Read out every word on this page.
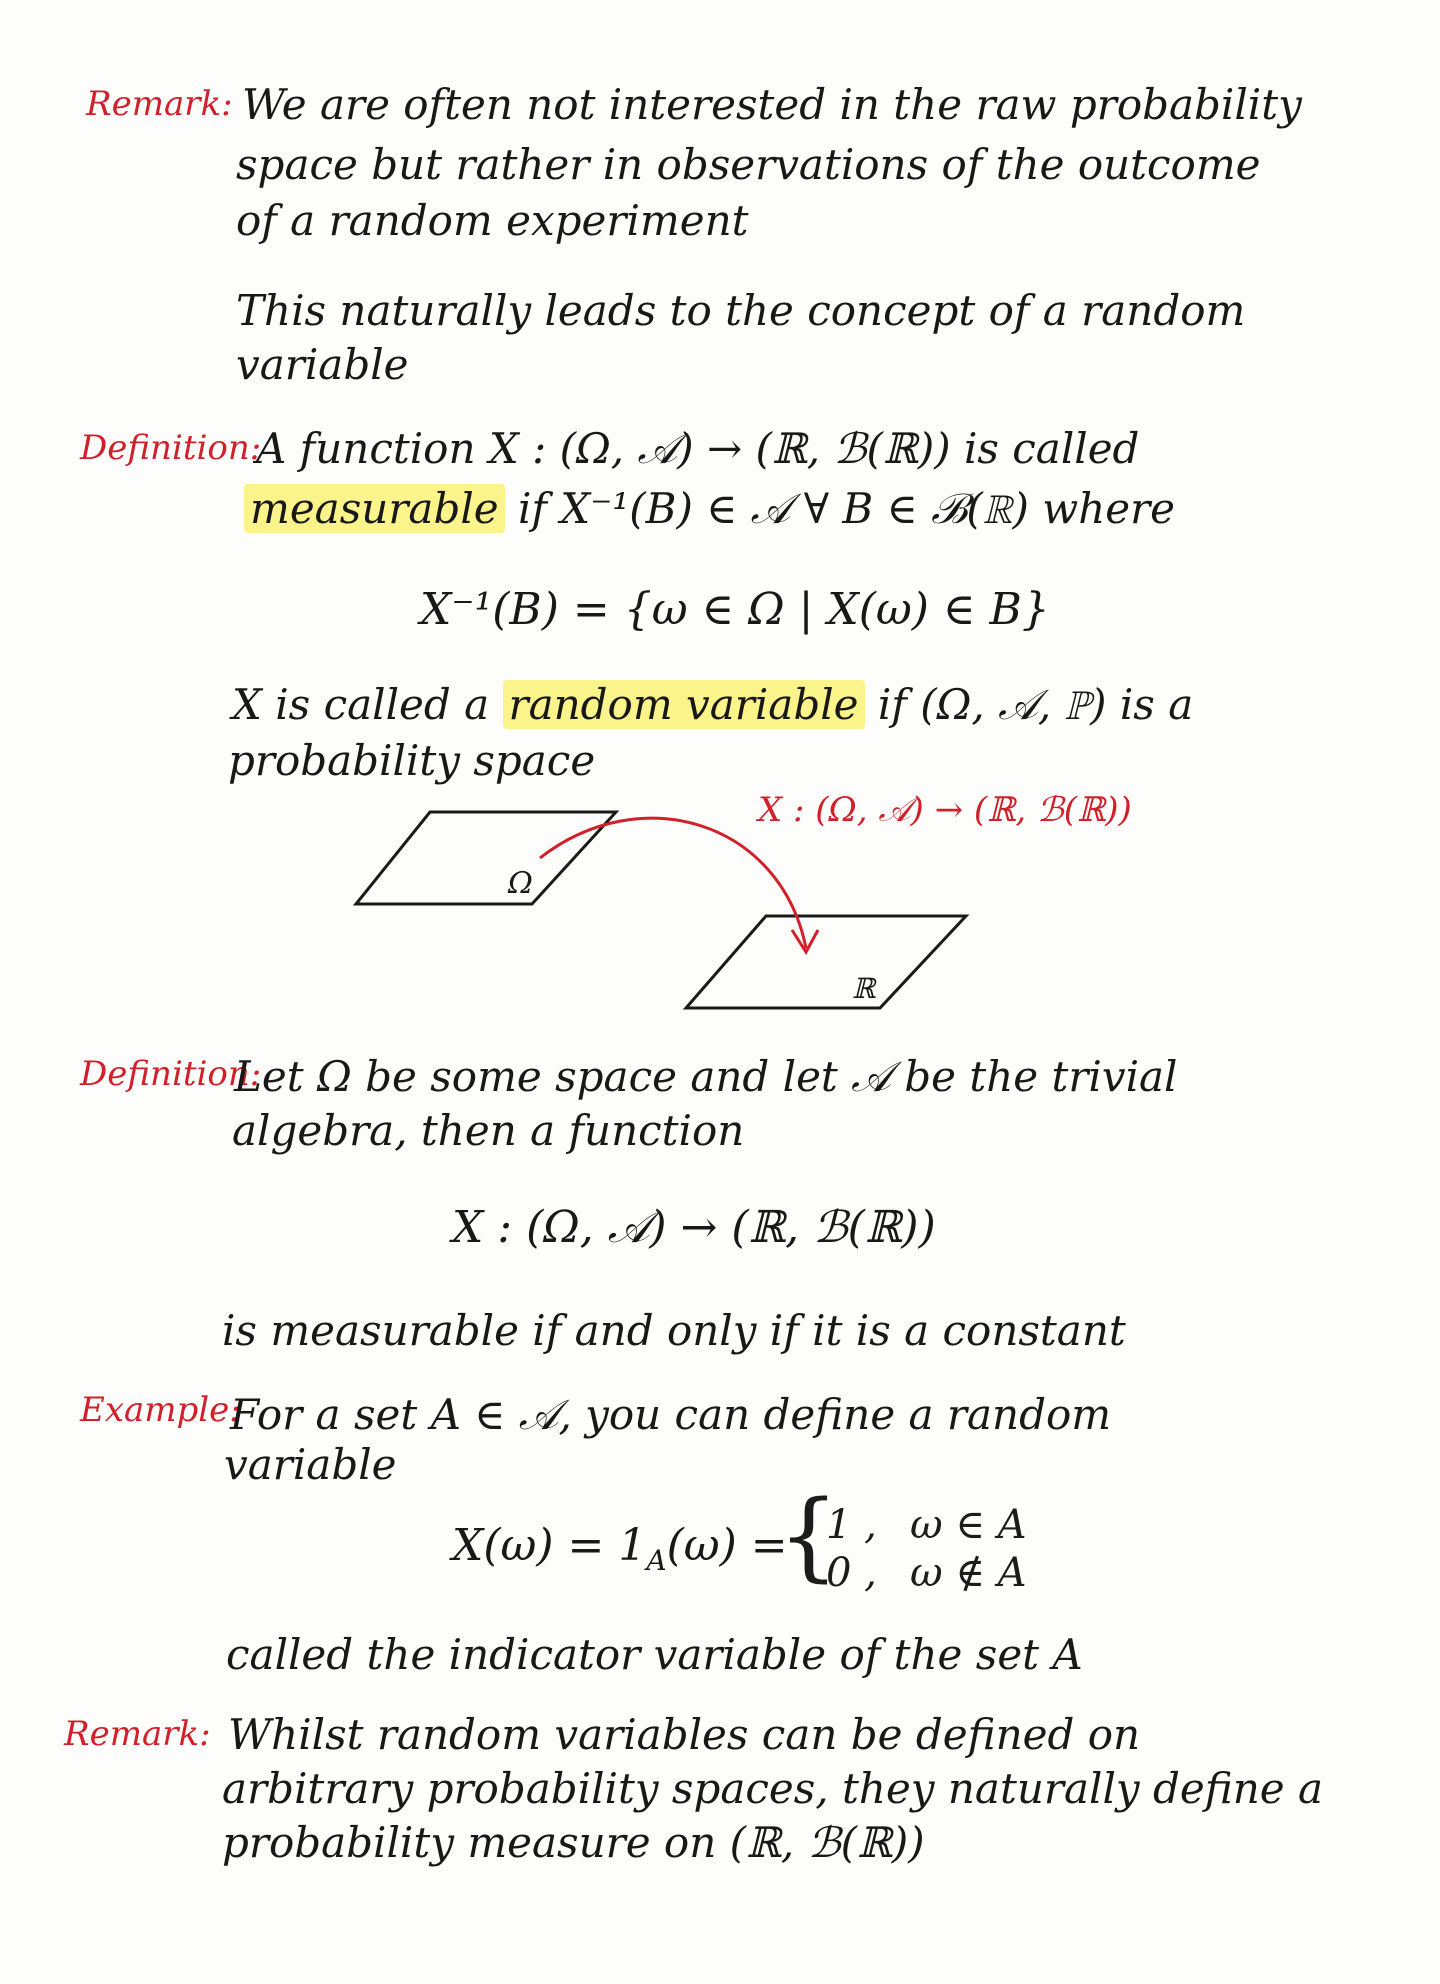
Remark: We are often not interested in the raw probability
space but rather in observations of the outcome
of a random experiment
This naturally leads to the concept of a random
variable
Definition:
A function X : (Ω, 𝒜) → (ℝ, ℬ(ℝ)) is called
measurable if X⁻¹(B) ∈ 𝒜 ∀ B ∈ ℬ(ℝ) where
X⁻¹(B) = {ω ∈ Ω | X(ω) ∈ B}
X is called a random variable if (Ω, 𝒜, ℙ) is a
probability space
X : (Ω, 𝒜) → (ℝ, ℬ(ℝ))
Ω
ℝ
Definition:
Let Ω be some space and let 𝒜 be the trivial
algebra, then a function
X : (Ω, 𝒜) → (ℝ, ℬ(ℝ))
is measurable if and only if it is a constant
Example:
For a set A ∈ 𝒜, you can define a random
variable
$X(\omega) = 1_A(\omega)$ =
{
1 , ω ∈ A
0 , ω ∉ A
called the indicator variable of the set A
Remark: Whilst random variables can be defined on
arbitrary probability spaces, they naturally define a
probability measure on (ℝ, ℬ(ℝ))
